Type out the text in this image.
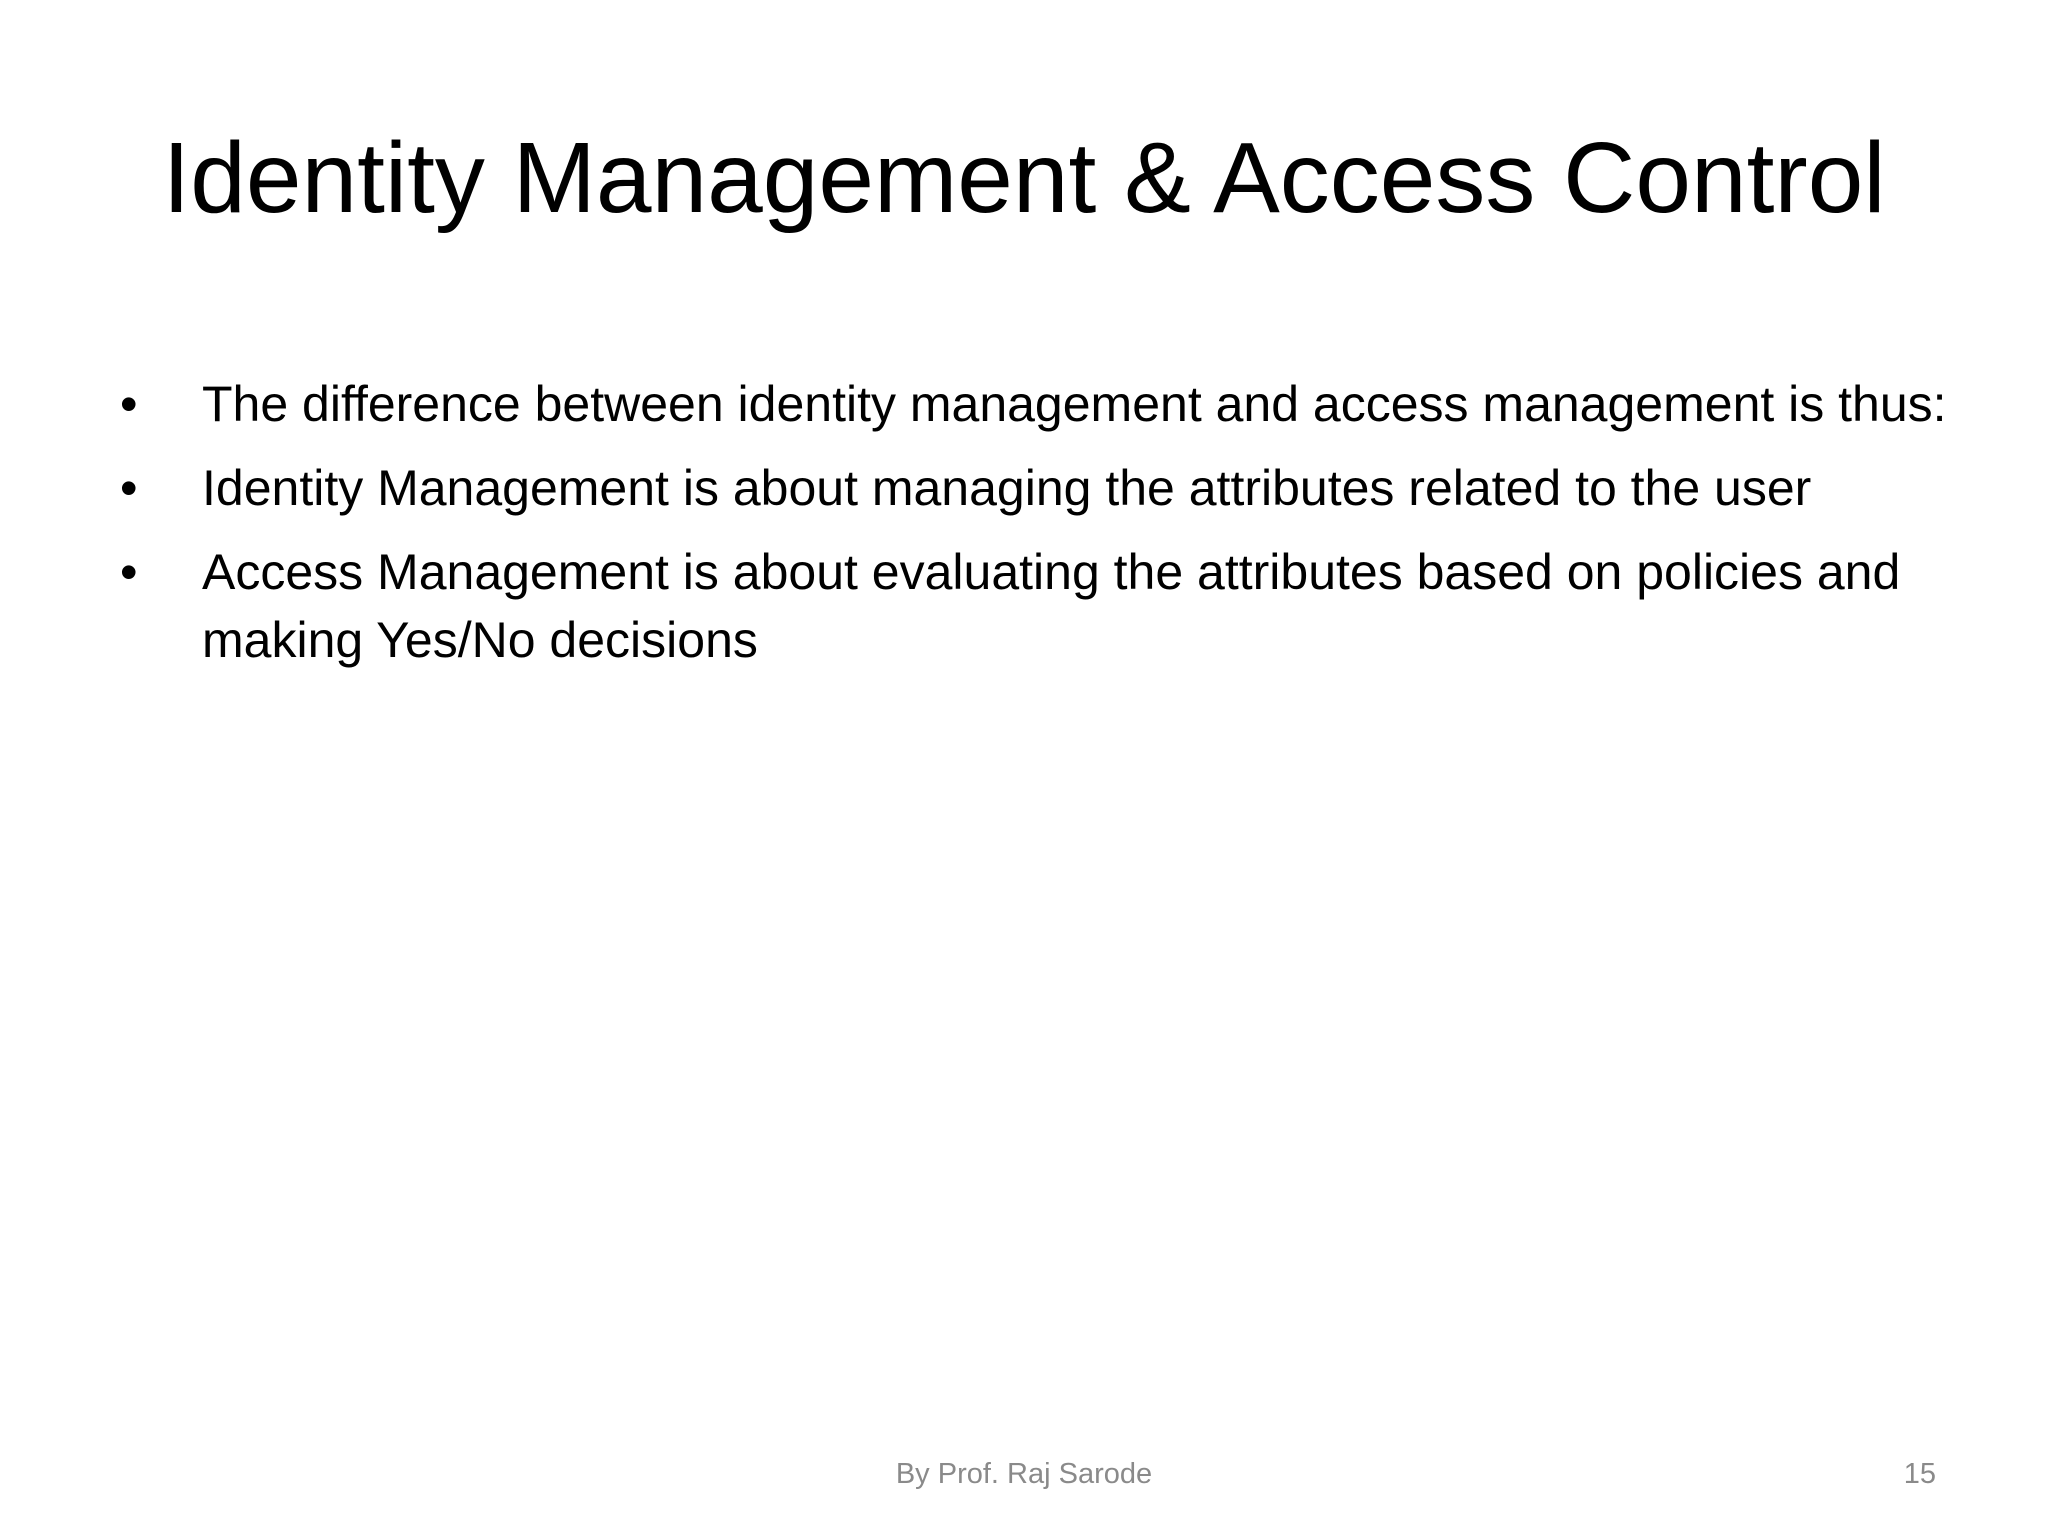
Identity Management & Access Control
•	The difference between identity management and access management is thus:
•	Identity Management is about managing the attributes related to the user
•	Access Management is about evaluating the attributes based on policies and making Yes/No decisions
By Prof. Raj Sarode	15
